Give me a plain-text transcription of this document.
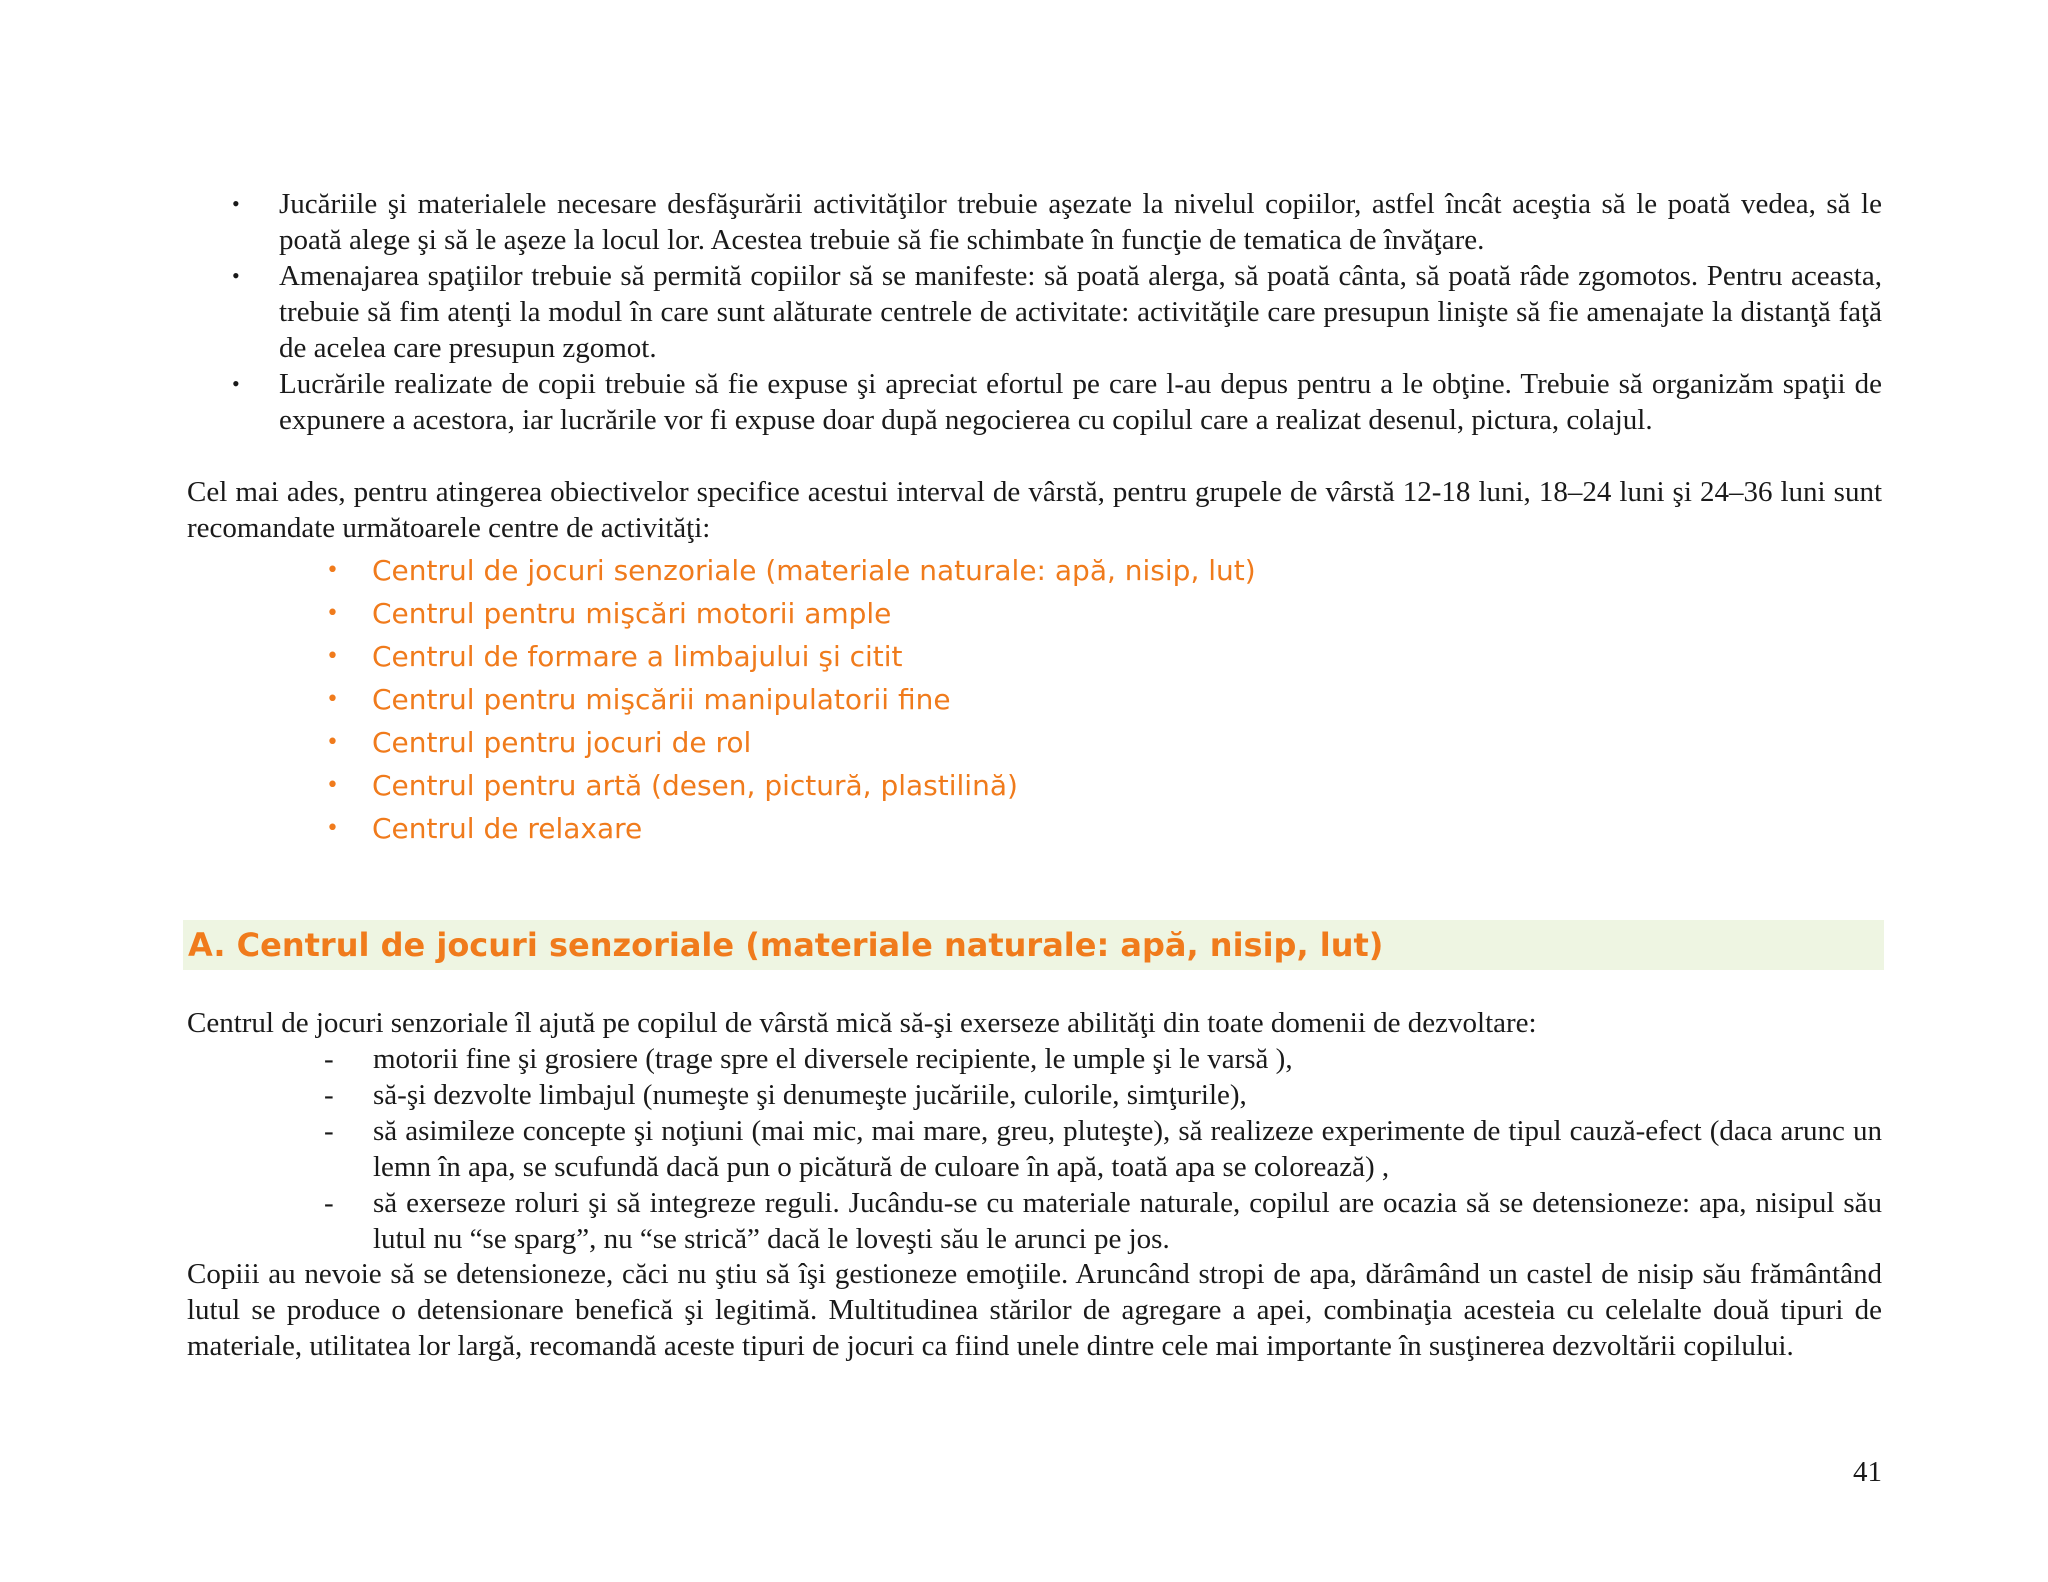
• Jucăriile şi materialele necesare desfăşurării activităţilor trebuie aşezate la nivelul copiilor, astfel încât aceştia să le poată vedea, să le poată alege şi să le aşeze la locul lor. Acestea trebuie să fie schimbate în funcţie de tematica de învăţare.
• Amenajarea spaţiilor trebuie să permită copiilor să se manifeste: să poată alerga, să poată cânta, să poată râde zgomotos. Pentru aceasta, trebuie să fim atenţi la modul în care sunt alăturate centrele de activitate: activităţile care presupun linişte să fie amenajate la distanţă faţă de acelea care presupun zgomot.
• Lucrările realizate de copii trebuie să fie expuse şi apreciat efortul pe care l-au depus pentru a le obţine. Trebuie să organizăm spaţii de expunere a acestora, iar lucrările vor fi expuse doar după negocierea cu copilul care a realizat desenul, pictura, colajul.

Cel mai ades, pentru atingerea obiectivelor specifice acestui interval de vârstă, pentru grupele de vârstă 12-18 luni, 18–24 luni şi 24–36 luni sunt recomandate următoarele centre de activităţi:

• Centrul de jocuri senzoriale (materiale naturale: apă, nisip, lut)
• Centrul pentru mişcări motorii ample
• Centrul de formare a limbajului şi citit
• Centrul pentru mişcării manipulatorii fine
• Centrul pentru jocuri de rol
• Centrul pentru artă (desen, pictură, plastilină)
• Centrul de relaxare
A. Centrul de jocuri senzoriale (materiale naturale: apă, nisip, lut)

Centrul de jocuri senzoriale îl ajută pe copilul de vârstă mică să-şi exerseze abilităţi din toate domenii de dezvoltare:

- motorii fine şi grosiere (trage spre el diversele recipiente, le umple şi le varsă ),
- să-şi dezvolte limbajul (numeşte şi denumeşte jucăriile, culorile, simţurile),
- să asimileze concepte şi noţiuni (mai mic, mai mare, greu, pluteşte), să realizeze experimente de tipul cauză-efect (daca arunc un lemn în apa, se scufundă dacă pun o picătură de culoare în apă, toată apa se colorează) ,
- să exerseze roluri şi să integreze reguli. Jucându-se cu materiale naturale, copilul are ocazia să se detensioneze: apa, nisipul său lutul nu “se sparg”, nu “se strică” dacă le loveşti său le arunci pe jos.

Copiii au nevoie să se detensioneze, căci nu ştiu să îşi gestioneze emoţiile. Aruncând stropi de apa, dărâmând un castel de nisip său frământând lutul se produce o detensionare benefică şi legitimă. Multitudinea stărilor de agregare a apei, combinaţia acesteia cu celelalte două tipuri de materiale, utilitatea lor largă, recomandă aceste tipuri de jocuri ca fiind unele dintre cele mai importante în susţinerea dezvoltării copilului.

41
